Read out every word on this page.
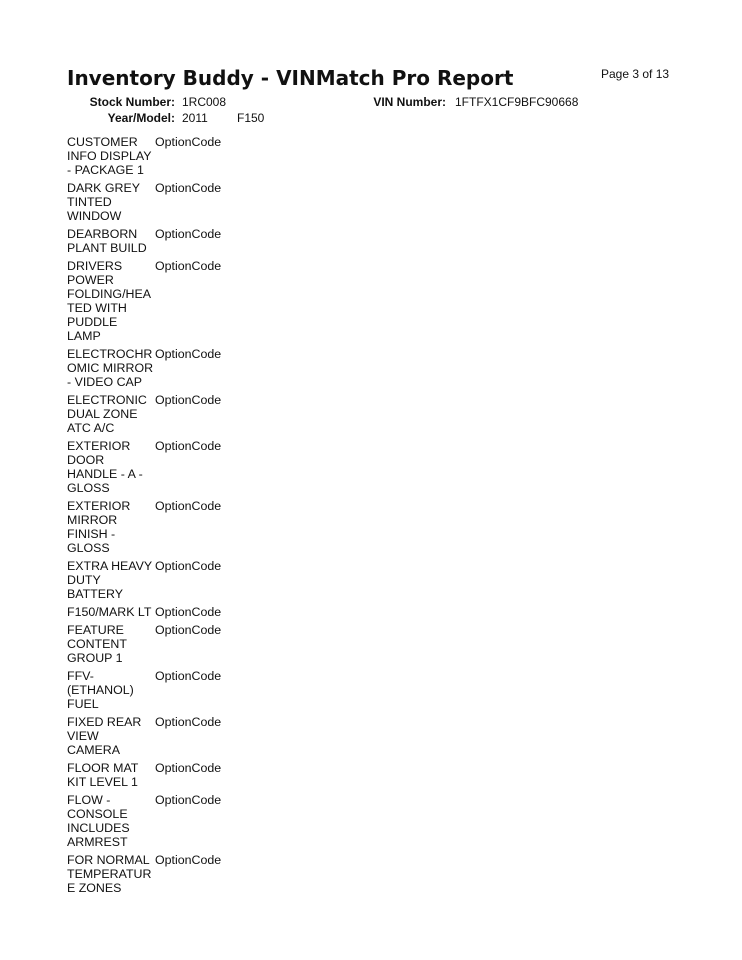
Inventory Buddy - VINMatch Pro Report	Page 3 of 13
Stock Number: 1RC008
Year/Model: 2011 F150
VIN Number: 1FTFX1CF9BFC90668
CUSTOMER
INFO DISPLAY
- PACKAGE 1
OptionCode
DARK GREY
TINTED
WINDOW
OptionCode
DEARBORN
PLANT BUILD
OptionCode
DRIVERS
POWER
FOLDING/HEA
TED WITH
PUDDLE
LAMP
OptionCode
ELECTROCHR
OMIC MIRROR
- VIDEO CAP
OptionCode
ELECTRONIC
DUAL ZONE
ATC A/C
OptionCode
EXTERIOR
DOOR
HANDLE - A -
GLOSS
OptionCode
EXTERIOR
MIRROR
FINISH -
GLOSS
OptionCode
EXTRA HEAVY
DUTY
BATTERY
OptionCode
F150/MARK LT OptionCode
FEATURE
CONTENT
GROUP 1
OptionCode
FFV-
(ETHANOL)
FUEL
OptionCode
FIXED REAR
VIEW
CAMERA
OptionCode
FLOOR MAT
KIT LEVEL 1
OptionCode
FLOW -
CONSOLE
INCLUDES
ARMREST
OptionCode
FOR NORMAL
TEMPERATUR
E ZONES
OptionCode
